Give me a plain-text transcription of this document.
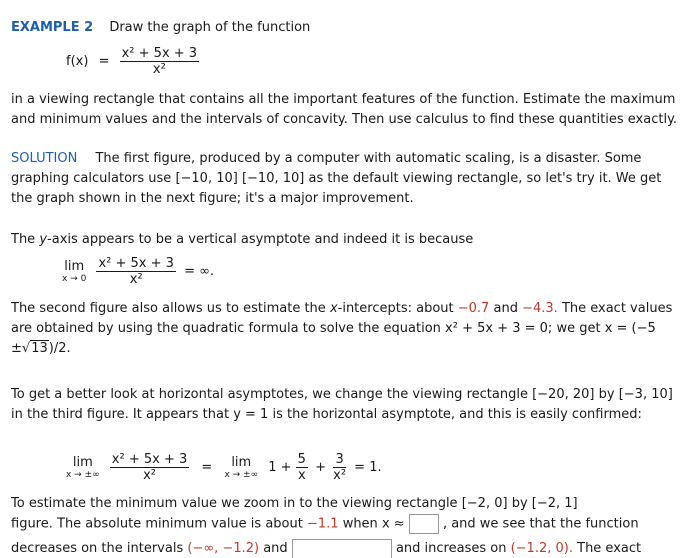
EXAMPLE 2 Draw the graph of the function
$f(x) = \frac{\text{x² + 5x + 3}}{\text{x²}}$

in a viewing rectangle that contains all the important features of the function. Estimate the maximum and minimum values and the intervals of concavity. Then use calculus to find these quantities exactly.

SOLUTION The first figure, produced by a computer with automatic scaling, is a disaster. Some graphing calculators use [−10, 10] [−10, 10] as the default viewing rectangle, so let's try it. We get the graph shown in the next figure; it's a major improvement.

The y-axis appears to be a vertical asymptote and indeed it is because

lim
x → 0
$\frac{\text{x² + 5x + 3}}{\text{x²}}$ = ∞.

The second figure also allows us to estimate the x-intercepts: about −0.7 and −4.3. The exact values are obtained by using the quadratic formula to solve the equation x² + 5x + 3 = 0; we get x = (−5 ±√13)/2.

To get a better look at horizontal asymptotes, we change the viewing rectangle [−20, 20] by [−3, 10] in the third figure. It appears that y = 1 is the horizontal asymptote, and this is easily confirmed:

lim
x → ±∞
$\frac{\text{x² + 5x + 3}}{\text{x²}} = \lim$
x → ±∞ $1 + \frac{5}{x} + \frac{3}{\text{x²}} = 1$.
To estimate the minimum value we zoom in to the viewing rectangle [−2, 0] by [−2, 1]
figure. The absolute minimum value is about −1.1 when x ≈	, and we see that the function
decreases on the intervals (−∞, −1.2) and	and increases on (−1.2, 0). The exact
